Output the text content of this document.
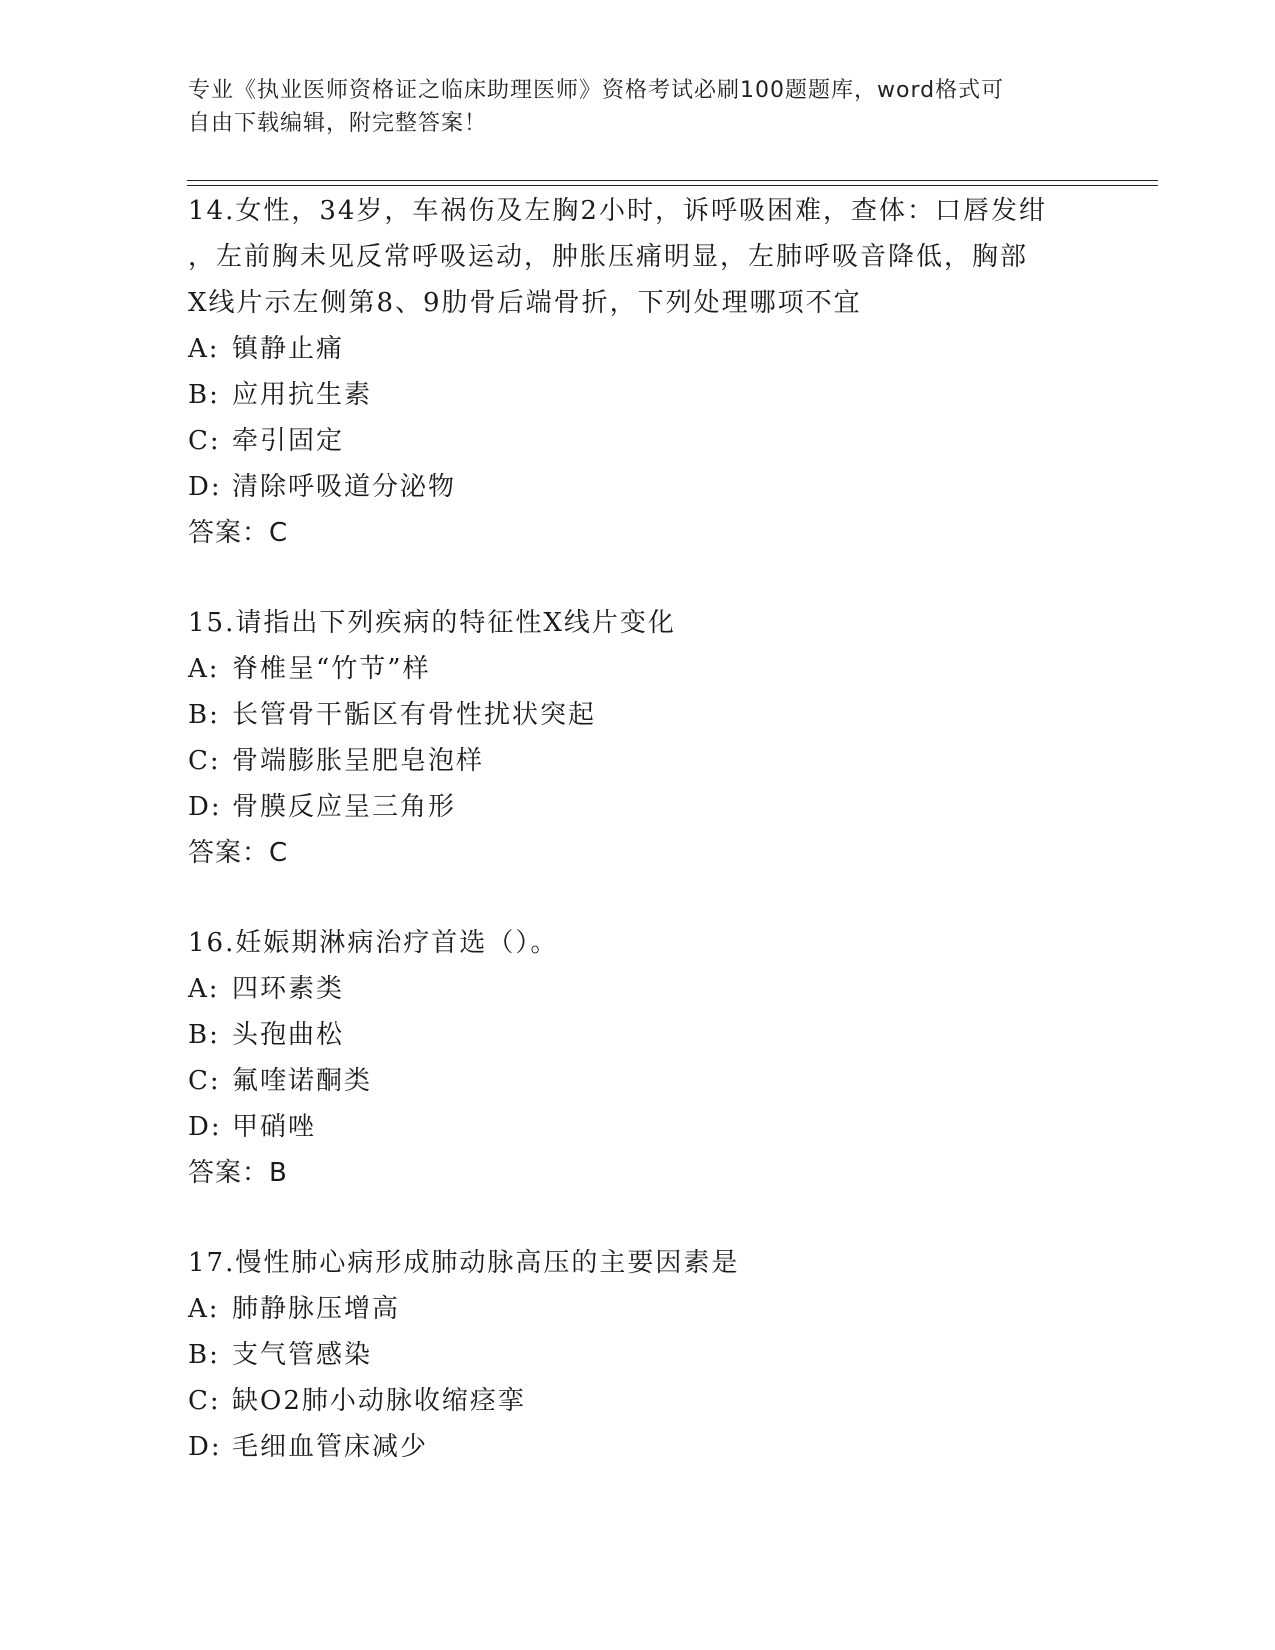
专业《执业医师资格证之临床助理医师》资格考试必刷100题题库，word格式可
自由下载编辑，附完整答案！
14.女性，34岁，车祸伤及左胸2小时，诉呼吸困难，查体：口唇发绀
，左前胸未见反常呼吸运动，肿胀压痛明显，左肺呼吸音降低，胸部
X线片示左侧第8、9肋骨后端骨折，下列处理哪项不宜
A: 镇静止痛
B: 应用抗生素
C: 牵引固定
D: 清除呼吸道分泌物
答案：C
15.请指出下列疾病的特征性X线片变化
A: 脊椎呈“竹节”样
B: 长管骨干骺区有骨性扰状突起
C: 骨端膨胀呈肥皂泡样
D: 骨膜反应呈三角形
答案：C
16.妊娠期淋病治疗首选（）。
A: 四环素类
B: 头孢曲松
C: 氟喹诺酮类
D: 甲硝唑
答案：B
17.慢性肺心病形成肺动脉高压的主要因素是
A: 肺静脉压增高
B: 支气管感染
C: 缺O2肺小动脉收缩痉挛
D: 毛细血管床减少
